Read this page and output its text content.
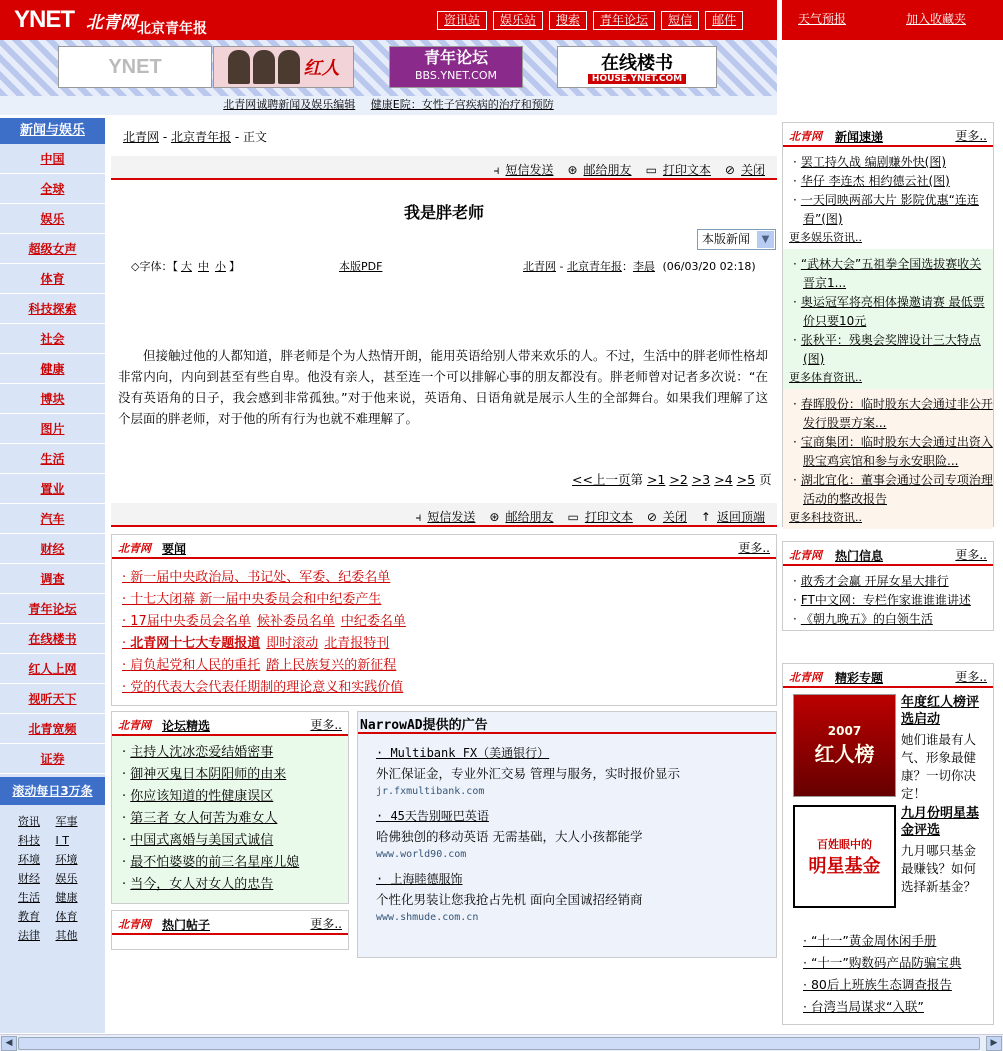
YNET 北青网 北京青年报
资讯站	娱乐站	搜索	青年论坛	短信	邮件	天气预报	加入收藏夹
YNET	红人
青年论坛
BBS.YNET.COM
在线楼书
HOUSE.YNET.COM
北青网诚聘新闻及娱乐编辑 健康E院：女性子宫疾病的治疗和预防
新闻与娱乐
中国
全球
娱乐
超级女声
体育
科技探索
社会
健康
博块
图片
生活
置业
汽车
财经
调查
青年论坛
在线楼书
红人上网
视听天下
北青宽频
证券
滚动每日3万条
资讯	军事
科技	I T
环境	环境
财经	娱乐
生活	健康
教育	体育
法律	其他
北青网 - 北京青年报 - 正文
⫞ 短信发送 ⊛ 邮给朋友 ▭ 打印文本 ⊘ 关闭
我是胖老师
本版新闻	▼
◇字体：【 大 中 小 】	本版PDF	北青网 - 北京青年报：李晨 (06/03/20 02:18)
但接触过他的人都知道，胖老师是个为人热情开朗，能用英语给别人带来欢乐的人。不过，生活中的胖老师性格却非常内向，内向到甚至有些自卑。他没有亲人，甚至连一个可以排解心事的朋友都没有。胖老师曾对记者多次说：“在没有英语角的日子，我会感到非常孤独。”对于他来说，英语角、日语角就是展示人生的全部舞台。如果我们理解了这个层面的胖老师，对于他的所有行为也就不难理解了。
<<上一页第 >1 >2 >3 >4 >5 页
⫞ 短信发送 ⊛ 邮给朋友 ▭ 打印文本 ⊘ 关闭 ↑ 返回顶端
北青网 要闻	更多..
· 新一届中央政治局、书记处、军委、纪委名单
· 十七大闭幕 新一届中央委员会和中纪委产生
· 17届中央委员会名单 候补委员名单 中纪委名单
· 北青网十七大专题报道 即时滚动 北青报特刊
· 肩负起党和人民的重托 踏上民族复兴的新征程
· 党的代表大会代表任期制的理论意义和实践价值
北青网 论坛精选	更多..
· 主持人沈冰恋爱结婚密事
· 御神灭鬼日本阴阳师的由来
· 你应该知道的性健康误区
· 第三者 女人何苦为难女人
· 中国式离婚与美国式诚信
· 最不怕婆婆的前三名星座儿媳
· 当今，女人对女人的忠告
北青网 热门帖子	更多..
NarrowAD提供的广告
· Multibank FX（美通银行）
外汇保证金，专业外汇交易 管理与服务，实时报价显示
jr.fxmultibank.com
· 45天告别哑巴英语
哈佛独创的移动英语 无需基础，大人小孩都能学
www.world90.com
· 上海睦德服饰
个性化男装让您我抢占先机 面向全国诚招经销商
www.shmude.com.cn
北青网 新闻速递	更多..
· 罢工持久战 编剧赚外快(图)
· 华仔 李连杰 相约德云社(图)
· 一天同映两部大片 影院优惠“连连看”(图)
更多娱乐资讯..
· “武林大会”五祖拳全国选拔赛收关 晋京1...
· 奥运冠军将亮相体操邀请赛 最低票价只要10元
· 张秋平：残奥会奖牌设计三大特点(图)
更多体育资讯..
· 春晖股份：临时股东大会通过非公开发行股票方案...
· 宝商集团：临时股东大会通过出资入股宝鸡宾馆和参与永安职险...
· 湖北宜化：董事会通过公司专项治理活动的整改报告
更多科技资讯..
北青网 热门信息	更多..
· 敢秀才会赢 开屏女星大排行
· FT中文网：专栏作家谁谁谁讲述
· 《朝九晚五》的白领生活
北青网 精彩专题	更多..
2007
红人榜
年度红人榜评选启动
她们谁最有人气、形象最健康？一切你决定！
百姓眼中的
明星基金
九月份明星基金评选
九月哪只基金最赚钱？如何选择新基金？
· “十一”黄金周休闲手册
· “十一”购数码产品防骗宝典
· 80后上班族生态调查报告
· 台湾当局谋求“入联”
◀	▶
